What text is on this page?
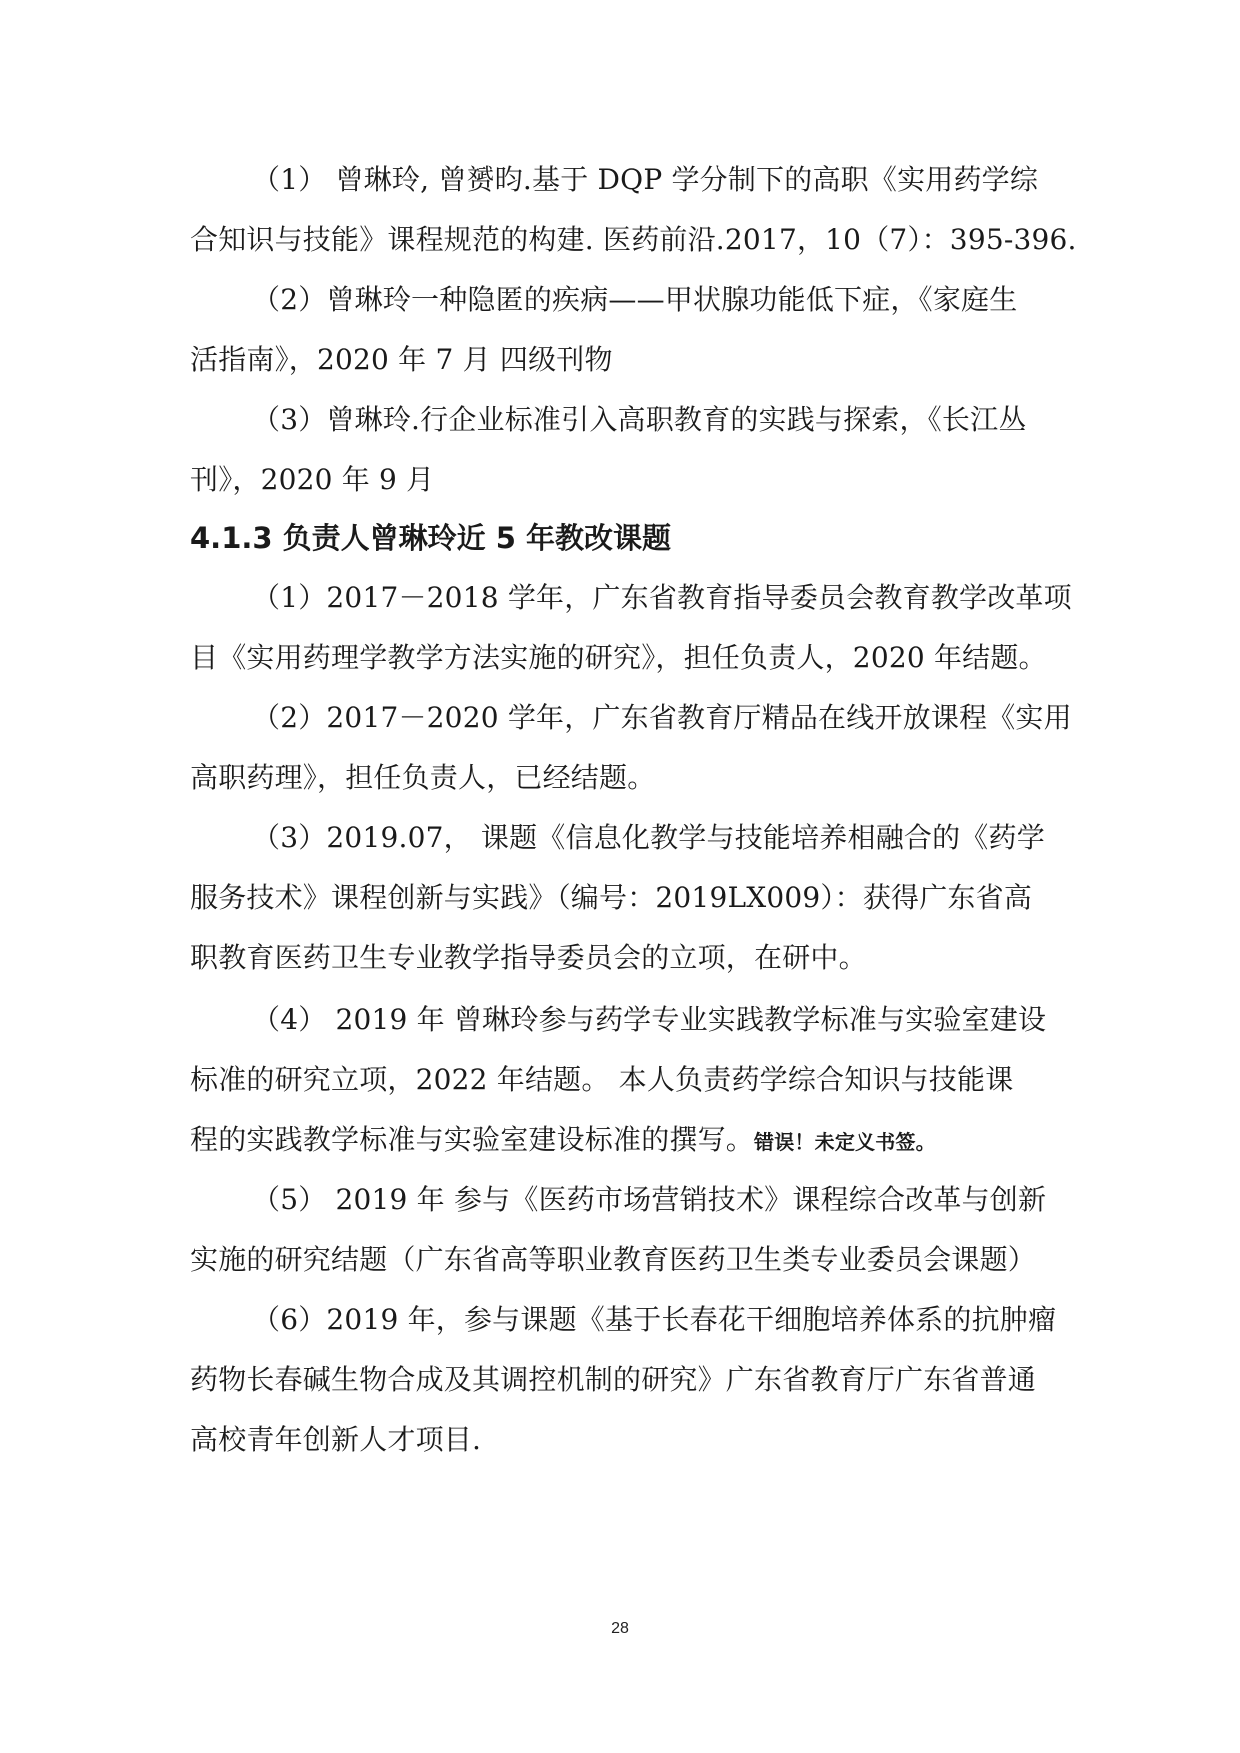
（1） 曾琳玲, 曾赟昀.基于 DQP 学分制下的高职《实用药学综

合知识与技能》课程规范的构建. 医药前沿.2017，10（7）：395-396.

（2）曾琳玲一种隐匿的疾病——甲状腺功能低下症，《家庭生

活指南》，2020 年 7 月 四级刊物

（3）曾琳玲.行企业标准引入高职教育的实践与探索，《长江丛

刊》，2020 年 9 月

4.1.3 负责人曾琳玲近 5 年教改课题

（1）2017－2018 学年，广东省教育指导委员会教育教学改革项

目《实用药理学教学方法实施的研究》，担任负责人，2020 年结题。

（2）2017－2020 学年，广东省教育厅精品在线开放课程《实用

高职药理》，担任负责人，已经结题。

（3）2019.07， 课题《信息化教学与技能培养相融合的《药学

服务技术》课程创新与实践》（编号：2019LX009）：获得广东省高

职教育医药卫生专业教学指导委员会的立项，在研中。

（4） 2019 年 曾琳玲参与药学专业实践教学标准与实验室建设

标准的研究立项，2022 年结题。 本人负责药学综合知识与技能课

程的实践教学标准与实验室建设标准的撰写。错误！未定义书签。

（5） 2019 年 参与《医药市场营销技术》课程综合改革与创新

实施的研究结题（广东省高等职业教育医药卫生类专业委员会课题）

（6）2019 年，参与课题《基于长春花干细胞培养体系的抗肿瘤

药物长春碱生物合成及其调控机制的研究》广东省教育厅广东省普通

高校青年创新人才项目.

28
